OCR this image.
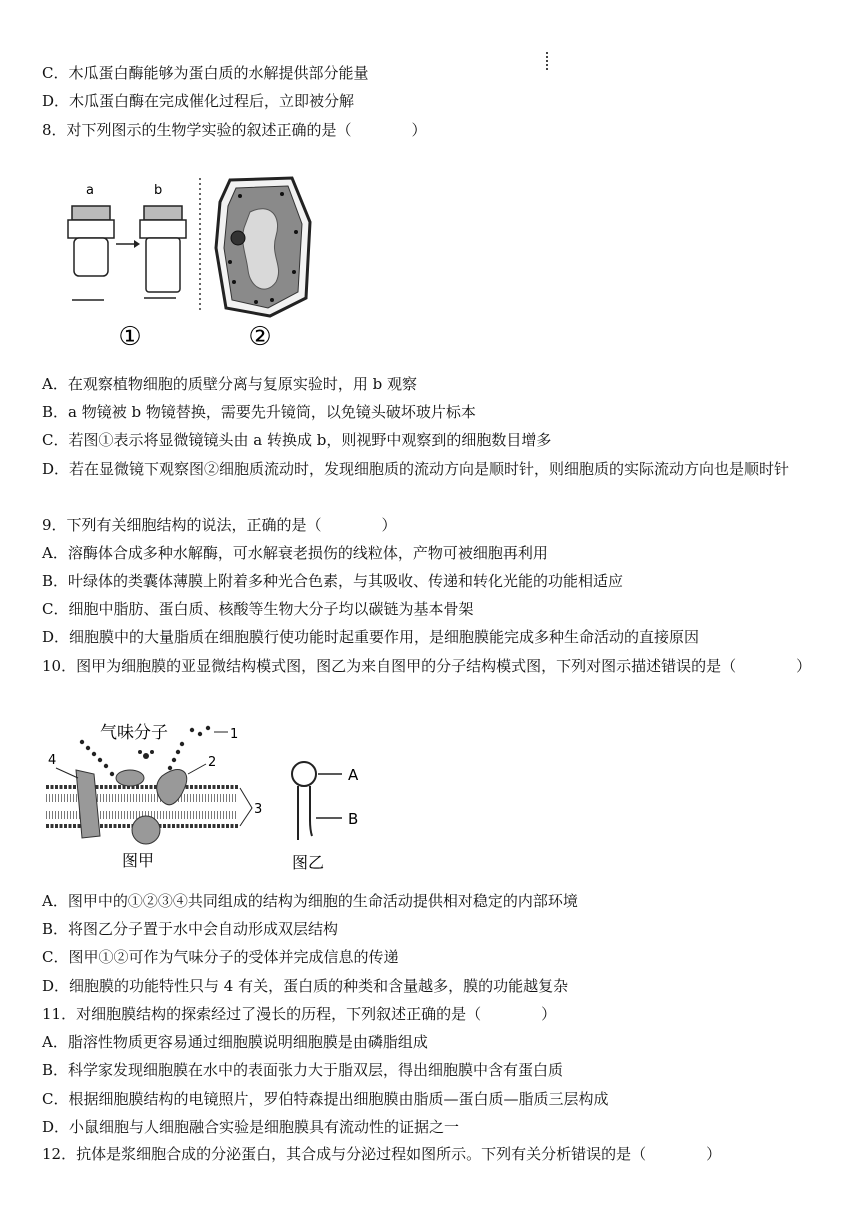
C．木瓜蛋白酶能够为蛋白质的水解提供部分能量
D．木瓜蛋白酶在完成催化过程后，立即被分解
8．对下列图示的生物学实验的叙述正确的是（　　　　）
a	b
①	②
A．在观察植物细胞的质壁分离与复原实验时，用 b 观察
B．a 物镜被 b 物镜替换，需要先升镜筒，以免镜头破坏玻片标本
C．若图①表示将显微镜镜头由 a 转换成 b，则视野中观察到的细胞数目增多
D．若在显微镜下观察图②细胞质流动时，发现细胞质的流动方向是顺时针，则细胞质的实际流动方向也是顺时针
9．下列有关细胞结构的说法，正确的是（　　　　）
A．溶酶体合成多种水解酶，可水解衰老损伤的线粒体，产物可被细胞再利用
B．叶绿体的类囊体薄膜上附着多种光合色素，与其吸收、传递和转化光能的功能相适应
C．细胞中脂肪、蛋白质、核酸等生物大分子均以碳链为基本骨架
D．细胞膜中的大量脂质在细胞膜行使功能时起重要作用，是细胞膜能完成多种生命活动的直接原因
10．图甲为细胞膜的亚显微结构模式图，图乙为来自图甲的分子结构模式图，下列对图示描述错误的是（　　　　）
气味分子	1
4	2
3
图甲
A
B
图乙
A．图甲中的①②③④共同组成的结构为细胞的生命活动提供相对稳定的内部环境
B．将图乙分子置于水中会自动形成双层结构
C．图甲①②可作为气味分子的受体并完成信息的传递
D．细胞膜的功能特性只与 4 有关，蛋白质的种类和含量越多，膜的功能越复杂
11．对细胞膜结构的探索经过了漫长的历程，下列叙述正确的是（　　　　）
A．脂溶性物质更容易通过细胞膜说明细胞膜是由磷脂组成
B．科学家发现细胞膜在水中的表面张力大于脂双层，得出细胞膜中含有蛋白质
C．根据细胞膜结构的电镜照片，罗伯特森提出细胞膜由脂质—蛋白质—脂质三层构成
D．小鼠细胞与人细胞融合实验是细胞膜具有流动性的证据之一
12．抗体是浆细胞合成的分泌蛋白，其合成与分泌过程如图所示。下列有关分析错误的是（　　　　）
